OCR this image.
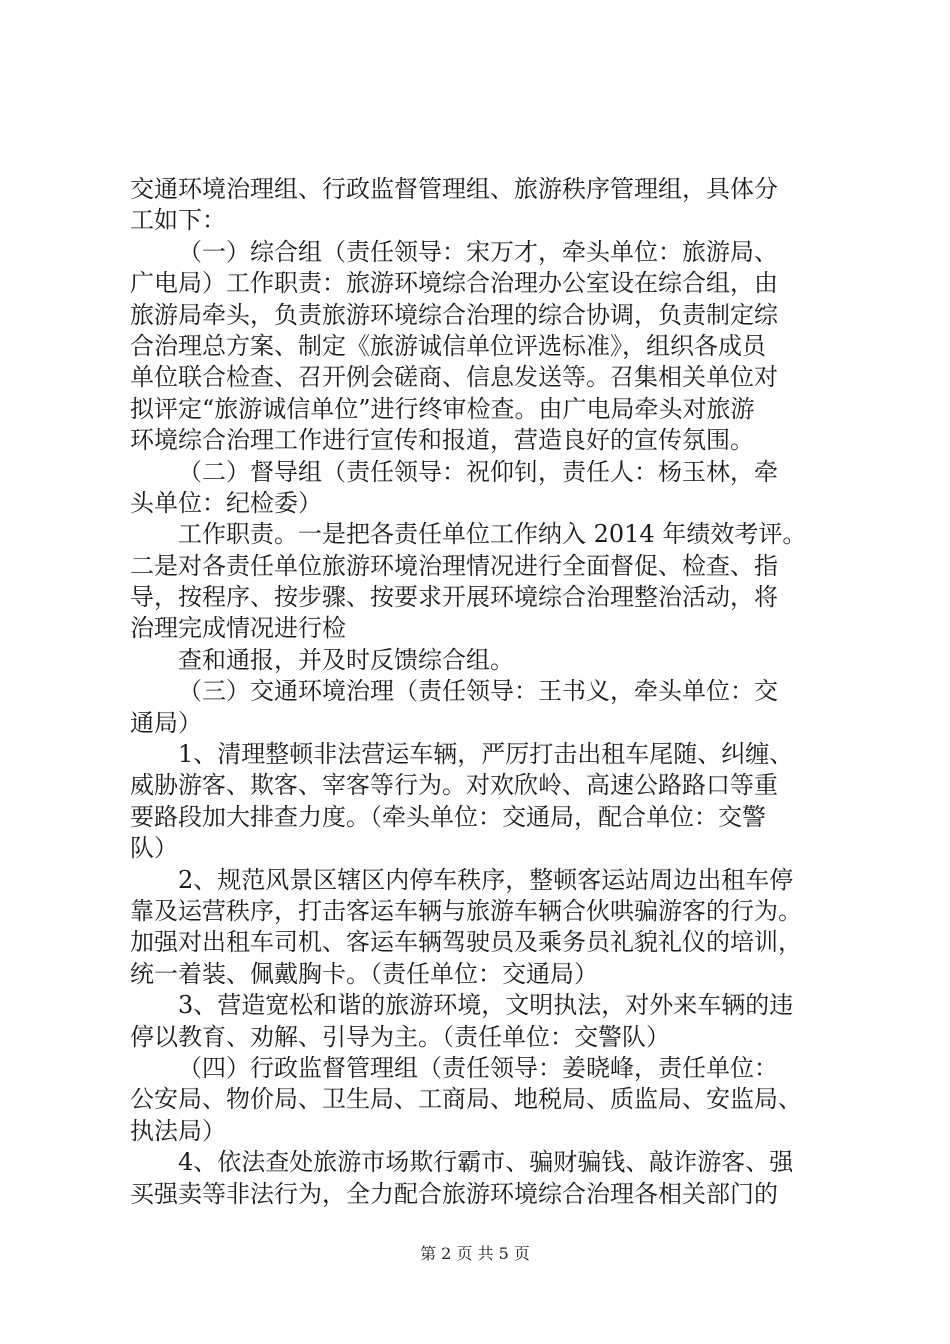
交通环境治理组、行政监督管理组、旅游秩序管理组，具体分
工如下：
（一）综合组（责任领导：宋万才，牵头单位：旅游局、
广电局）工作职责：旅游环境综合治理办公室设在综合组，由
旅游局牵头，负责旅游环境综合治理的综合协调，负责制定综
合治理总方案、制定《旅游诚信单位评选标准》，组织各成员
单位联合检查、召开例会磋商、信息发送等。召集相关单位对
拟评定“旅游诚信单位”进行终审检查。由广电局牵头对旅游
环境综合治理工作进行宣传和报道，营造良好的宣传氛围。
（二）督导组（责任领导：祝仰钊，责任人：杨玉林，牵
头单位：纪检委）
工作职责。一是把各责任单位工作纳入 2014 年绩效考评。
二是对各责任单位旅游环境治理情况进行全面督促、检查、指
导，按程序、按步骤、按要求开展环境综合治理整治活动，将
治理完成情况进行检
查和通报，并及时反馈综合组。
（三）交通环境治理（责任领导：王书义，牵头单位：交
通局）
1、清理整顿非法营运车辆，严厉打击出租车尾随、纠缠、
威胁游客、欺客、宰客等行为。对欢欣岭、高速公路路口等重
要路段加大排查力度。（牵头单位：交通局，配合单位：交警
队）
2、规范风景区辖区内停车秩序，整顿客运站周边出租车停
靠及运营秩序，打击客运车辆与旅游车辆合伙哄骗游客的行为。
加强对出租车司机、客运车辆驾驶员及乘务员礼貌礼仪的培训，
统一着装、佩戴胸卡。（责任单位：交通局）
3、营造宽松和谐的旅游环境，文明执法，对外来车辆的违
停以教育、劝解、引导为主。（责任单位：交警队）
（四）行政监督管理组（责任领导：姜晓峰，责任单位：
公安局、物价局、卫生局、工商局、地税局、质监局、安监局、
执法局）
4、依法查处旅游市场欺行霸市、骗财骗钱、敲诈游客、强
买强卖等非法行为，全力配合旅游环境综合治理各相关部门的
第 2 页 共 5 页
